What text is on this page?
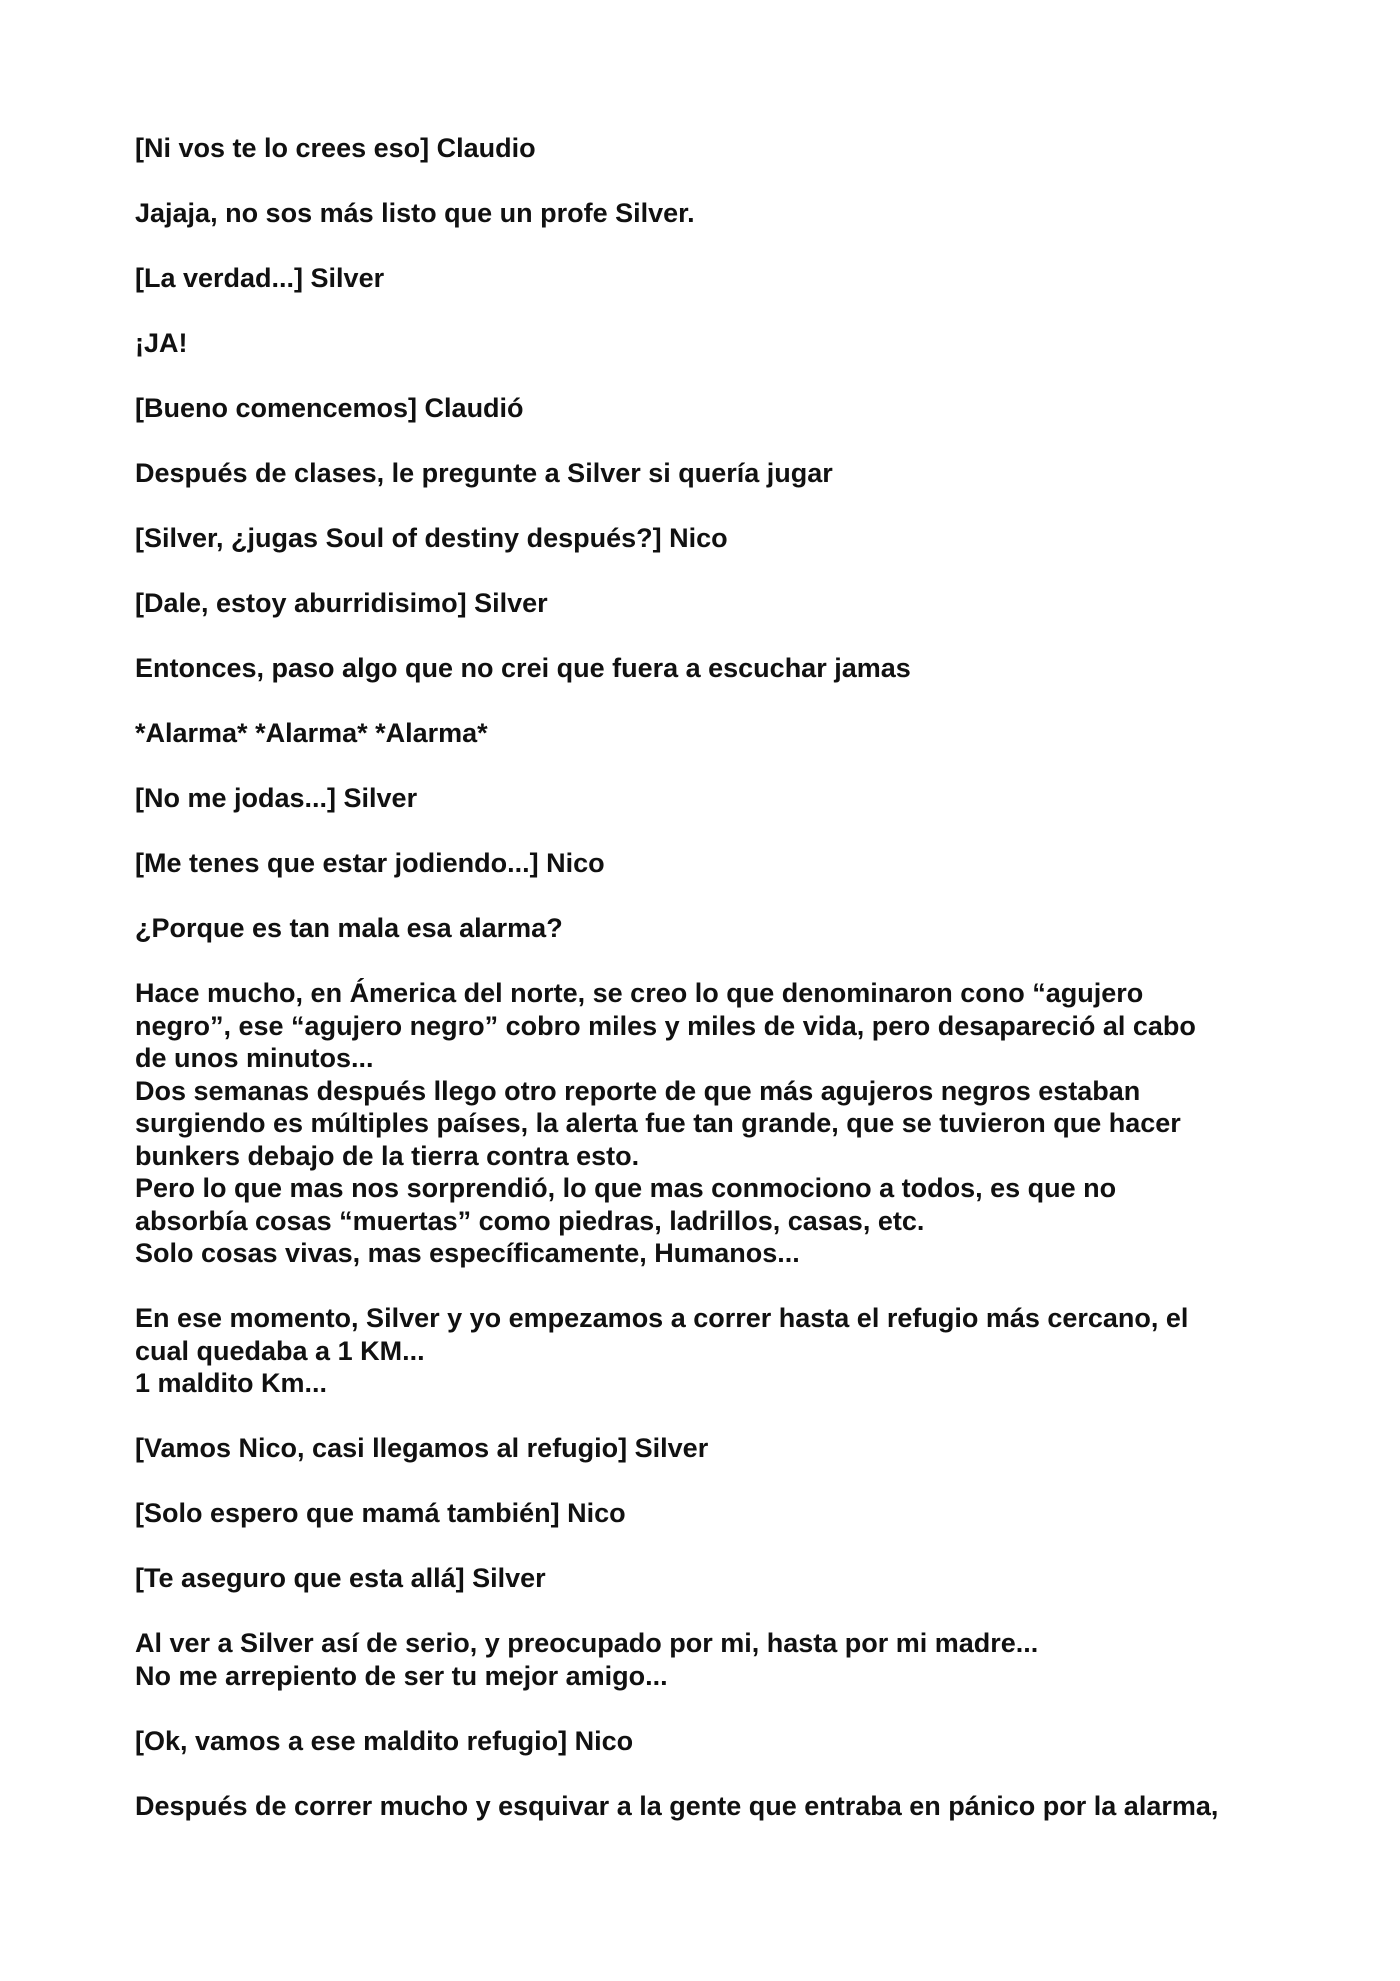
[Ni vos te lo crees eso] Claudio
Jajaja, no sos más listo que un profe Silver.
[La verdad...] Silver
¡JA!
[Bueno comencemos] Claudió
Después de clases, le pregunte a Silver si quería jugar
[Silver, ¿jugas Soul of destiny después?] Nico
[Dale, estoy aburridisimo] Silver
Entonces, paso algo que no crei que fuera a escuchar jamas
*Alarma* *Alarma* *Alarma*
[No me jodas...] Silver
[Me tenes que estar jodiendo...] Nico
¿Porque es tan mala esa alarma?
Hace mucho, en Ámerica del norte, se creo lo que denominaron cono “agujero
negro”, ese “agujero negro” cobro miles y miles de vida, pero desapareció al cabo
de unos minutos...
Dos semanas después llego otro reporte de que más agujeros negros estaban
surgiendo es múltiples países, la alerta fue tan grande, que se tuvieron que hacer
bunkers debajo de la tierra contra esto.
Pero lo que mas nos sorprendió, lo que mas conmociono a todos, es que no
absorbía cosas “muertas” como piedras, ladrillos, casas, etc.
Solo cosas vivas, mas específicamente, Humanos...
En ese momento, Silver y yo empezamos a correr hasta el refugio más cercano, el
cual quedaba a 1 KM...
1 maldito Km...
[Vamos Nico, casi llegamos al refugio] Silver
[Solo espero que mamá también] Nico
[Te aseguro que esta allá] Silver
Al ver a Silver así de serio, y preocupado por mi, hasta por mi madre...
No me arrepiento de ser tu mejor amigo...
[Ok, vamos a ese maldito refugio] Nico
Después de correr mucho y esquivar a la gente que entraba en pánico por la alarma,
